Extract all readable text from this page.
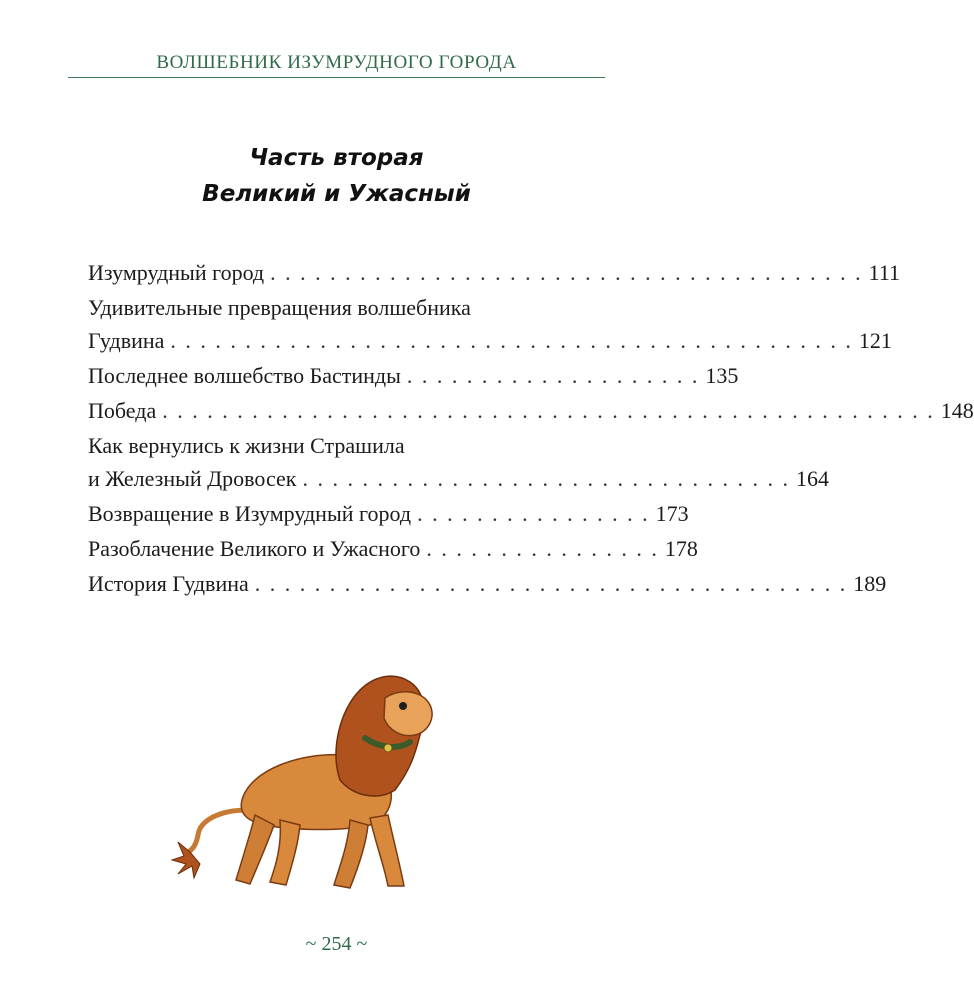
ВОЛШЕБНИК ИЗУМРУДНОГО ГОРОДА
Часть вторая
Великий и Ужасный
Изумрудный город . . . . . . . . . . . . . . . . . . . . . . . . . . . . . . . . . . . . . . . . 111
Удивительные превращения волшебника
Гудвина . . . . . . . . . . . . . . . . . . . . . . . . . . . . . . . . . . . . . . . . . . . . . . 121
Последнее волшебство Бастинды . . . . . . . . . . . . . . . . . . . . 135
Победа . . . . . . . . . . . . . . . . . . . . . . . . . . . . . . . . . . . . . . . . . . . . . . . . . . . . 148
Как вернулись к жизни Страшила
и Железный Дровосек . . . . . . . . . . . . . . . . . . . . . . . . . . . . . . . . . 164
Возвращение в Изумрудный город . . . . . . . . . . . . . . . . 173
Разоблачение Великого и Ужасного . . . . . . . . . . . . . . . . 178
История Гудвина . . . . . . . . . . . . . . . . . . . . . . . . . . . . . . . . . . . . . . . . 189
~ 254 ~
